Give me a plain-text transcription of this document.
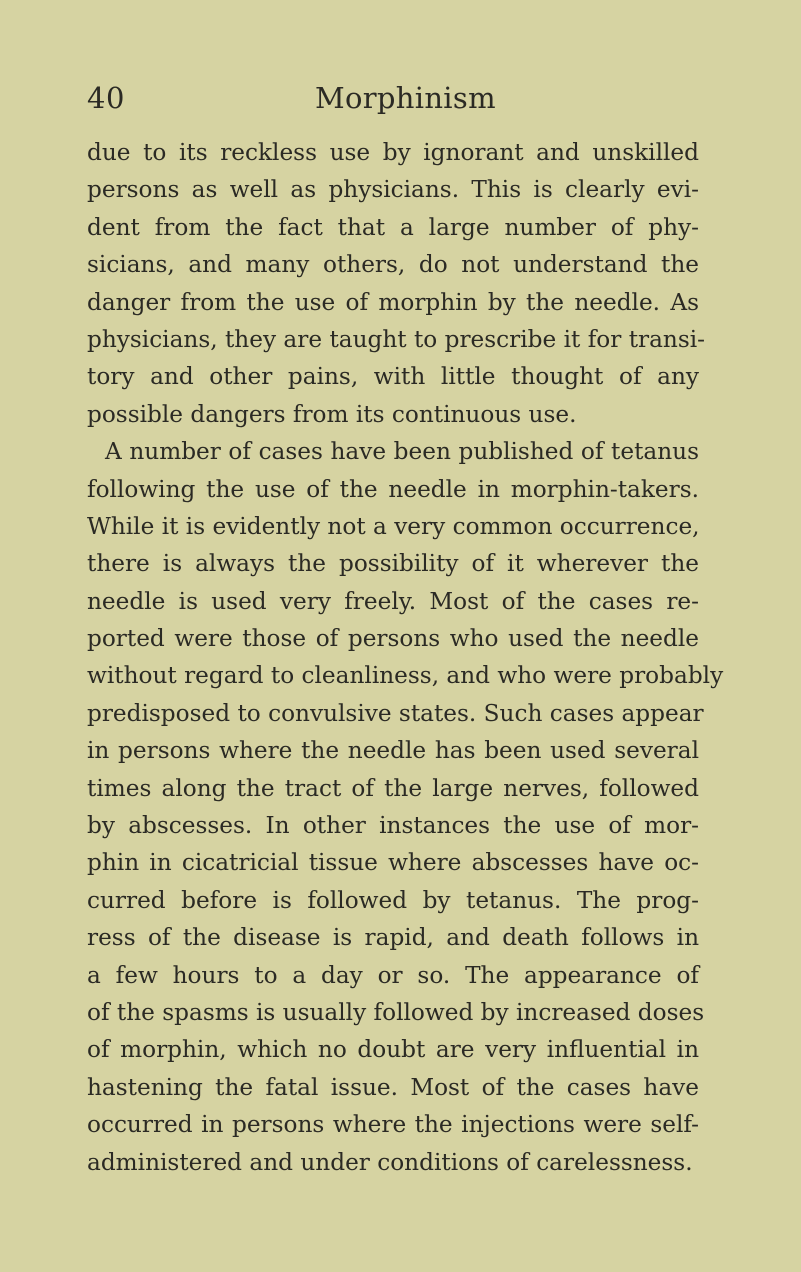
40	Morphinism
due to its reckless use by ignorant and unskilled
persons as well as physicians. This is clearly evi-
dent from the fact that a large number of phy-
sicians, and many others, do not understand the
danger from the use of morphin by the needle. As
physicians, they are taught to prescribe it for transi-
tory and other pains, with little thought of any
possible dangers from its continuous use.
A number of cases have been published of tetanus
following the use of the needle in morphin-takers.
While it is evidently not a very common occurrence,
there is always the possibility of it wherever the
needle is used very freely. Most of the cases re-
ported were those of persons who used the needle
without regard to cleanliness, and who were probably
predisposed to convulsive states. Such cases appear
in persons where the needle has been used several
times along the tract of the large nerves, followed
by abscesses. In other instances the use of mor-
phin in cicatricial tissue where abscesses have oc-
curred before is followed by tetanus. The prog-
ress of the disease is rapid, and death follows in
a few hours to a day or so. The appearance of
of the spasms is usually followed by increased doses
of morphin, which no doubt are very influential in
hastening the fatal issue. Most of the cases have
occurred in persons where the injections were self-
administered and under conditions of carelessness.
